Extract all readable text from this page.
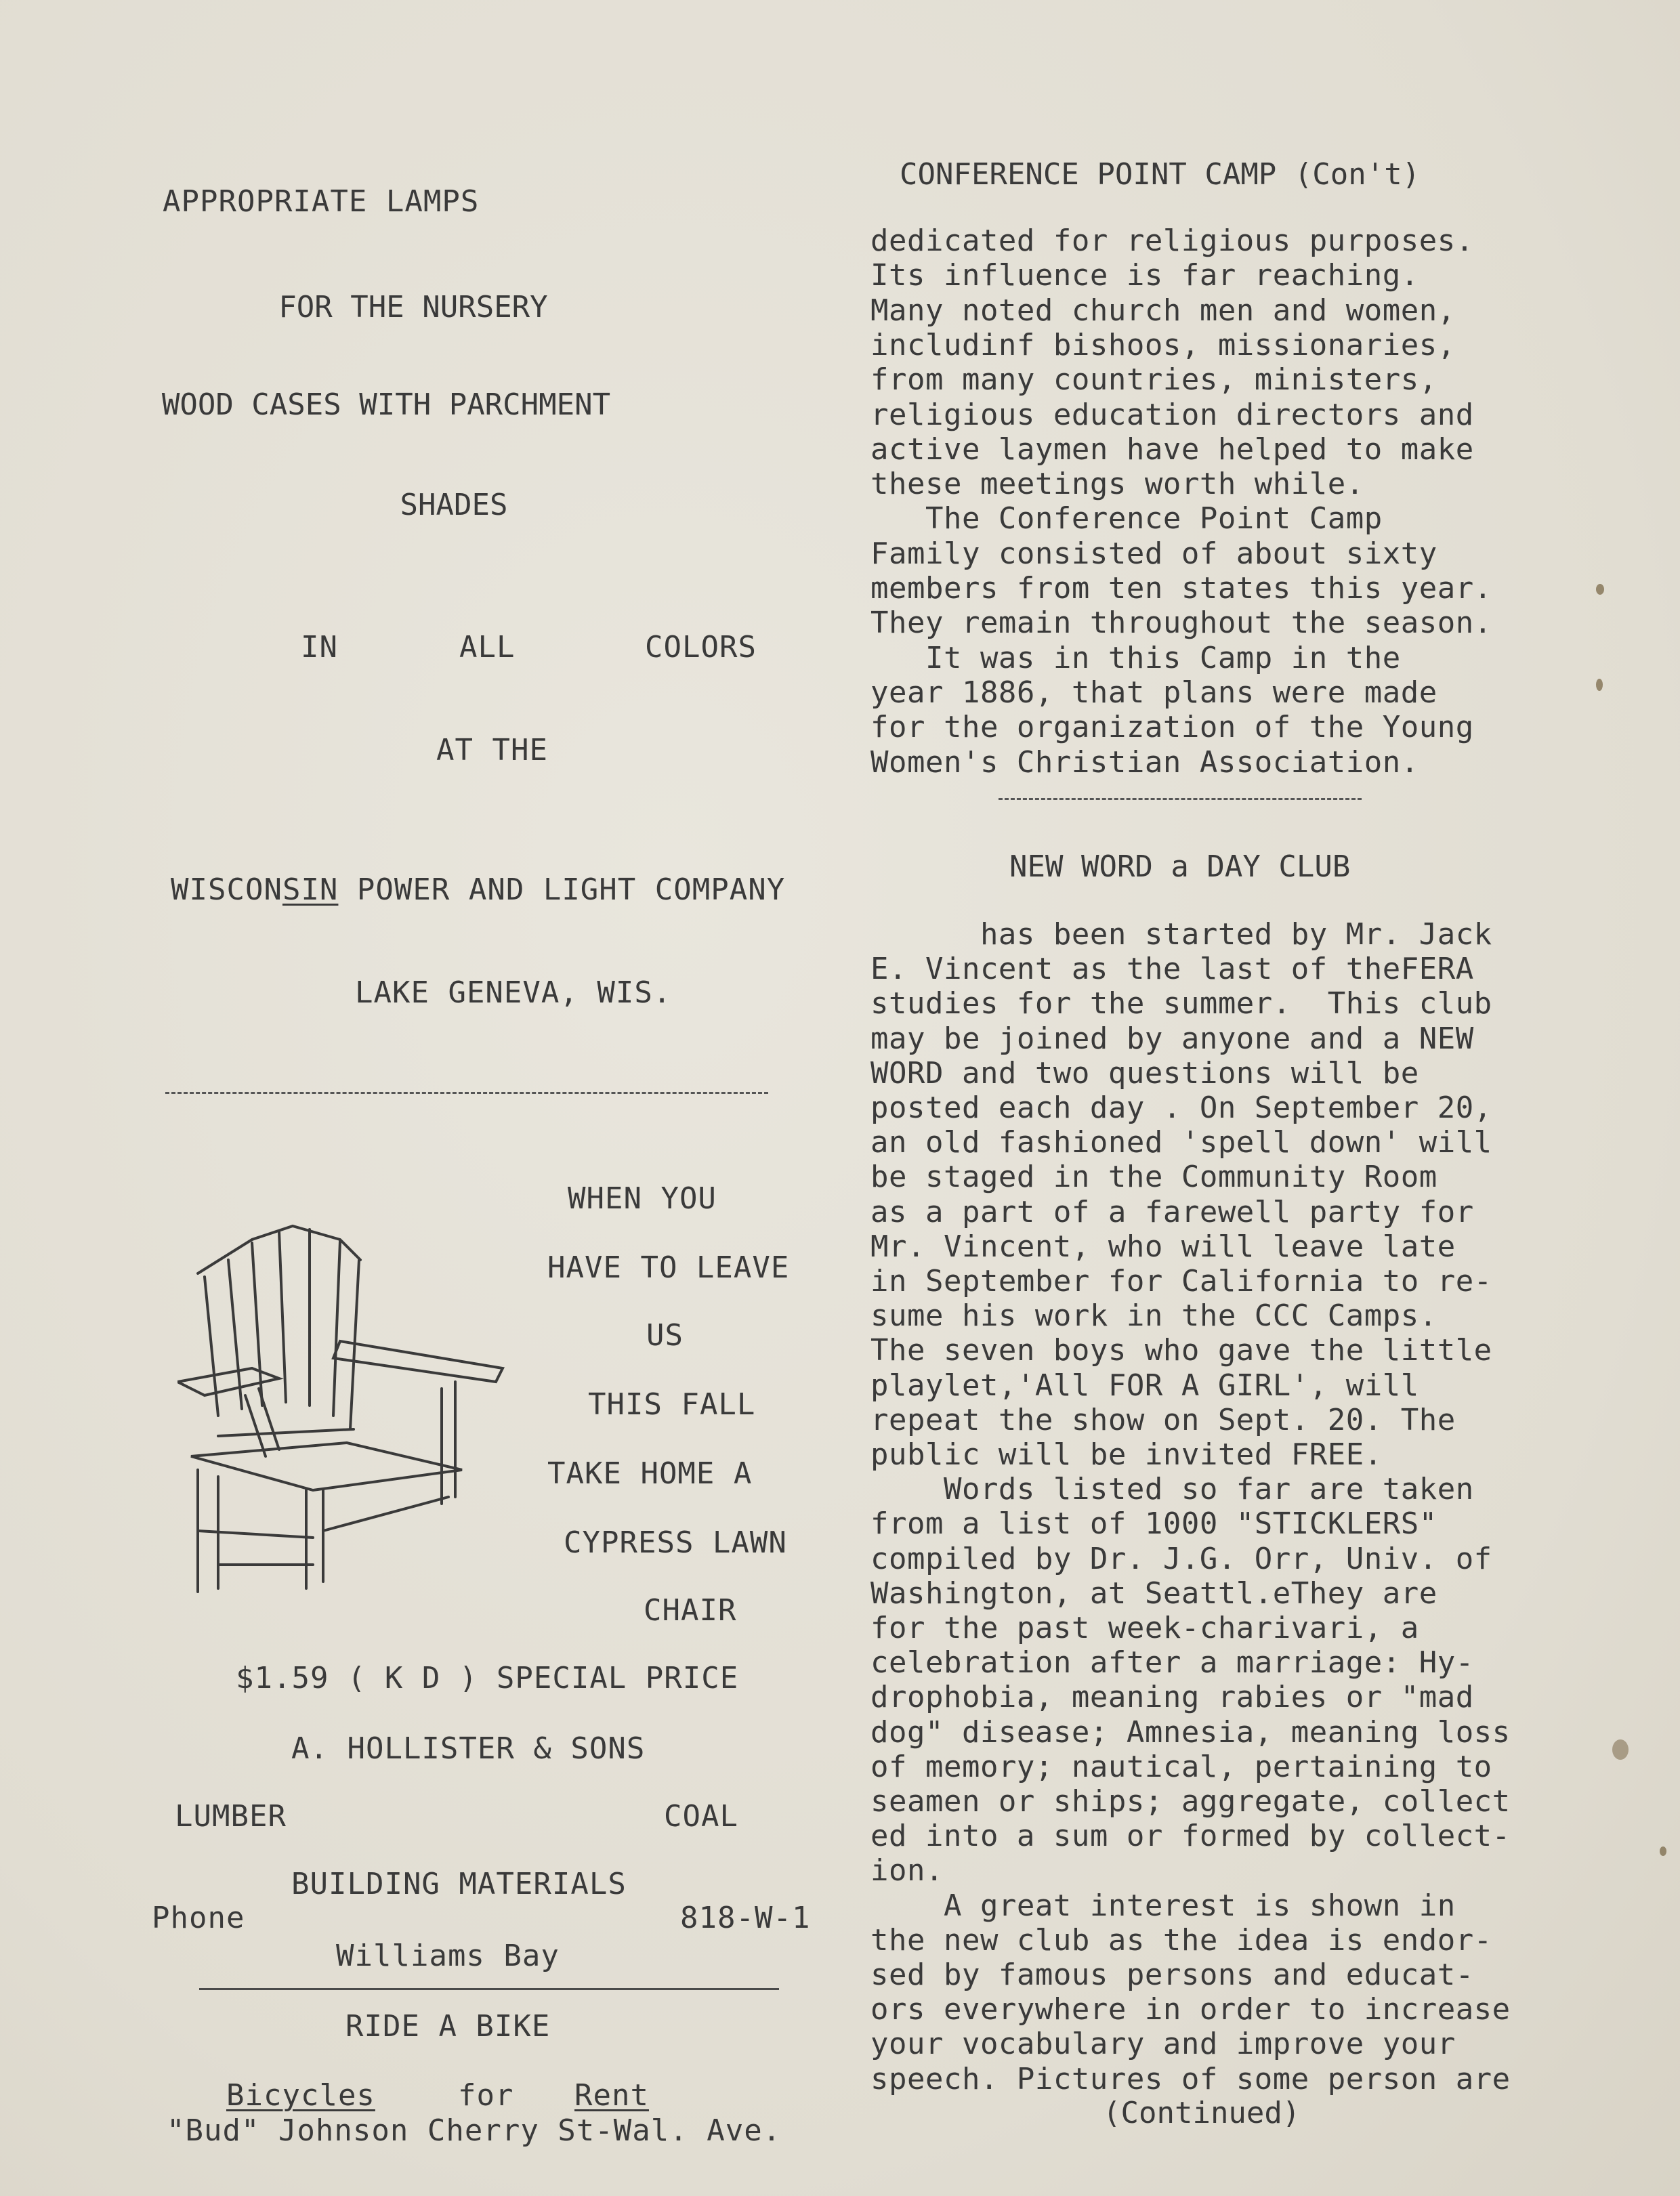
APPROPRIATE LAMPS
FOR THE NURSERY
WOOD CASES WITH PARCHMENT
SHADES
IN	ALL	COLORS
AT THE
WISCONSIN POWER AND LIGHT COMPANY
LAKE GENEVA, WIS.
WHEN YOU
HAVE TO LEAVE
US
THIS FALL
TAKE HOME A
CYPRESS LAWN
CHAIR
$1.59 ( K D ) SPECIAL PRICE
A. HOLLISTER & SONS
LUMBER	COAL
BUILDING MATERIALS
Phone	818-W-1
Williams Bay
RIDE A BIKE
Bicycles	for Rent
"Bud" Johnson Cherry St-Wal. Ave.
CONFERENCE POINT CAMP (Con't)
dedicated for religious purposes.
Its influence is far reaching.
Many noted church men and women,
includinf bishoos, missionaries,
from many countries, ministers,
religious education directors and
active laymen have helped to make
these meetings worth while.
The Conference Point Camp
Family consisted of about sixty
members from ten states this year.
They remain throughout the season.
It was in this Camp in the
year 1886, that plans were made
for the organization of the Young
Women's Christian Association.
NEW WORD a DAY CLUB
has been started by Mr. Jack
E. Vincent as the last of theFERA
studies for the summer.  This club
may be joined by anyone and a NEW
WORD and two questions will be
posted each day . On September 20,
an old fashioned 'spell down' will
be staged in the Community Room
as a part of a farewell party for
Mr. Vincent, who will leave late
in September for California to re-
sume his work in the CCC Camps.
The seven boys who gave the little
playlet,'All FOR A GIRL', will
repeat the show on Sept. 20. The
public will be invited FREE.
Words listed so far are taken
from a list of 1000 "STICKLERS"
compiled by Dr. J.G. Orr, Univ. of
Washington, at Seattl.eThey are
for the past week-charivari, a
celebration after a marriage: Hy-
drophobia, meaning rabies or "mad
dog" disease; Amnesia, meaning loss
of memory; nautical, pertaining to
seamen or ships; aggregate, collect
ed into a sum or formed by collect-
ion.
A great interest is shown in
the new club as the idea is endor-
sed by famous persons and educat-
ors everywhere in order to increase
your vocabulary and improve your
speech. Pictures of some person are
(Continued)
